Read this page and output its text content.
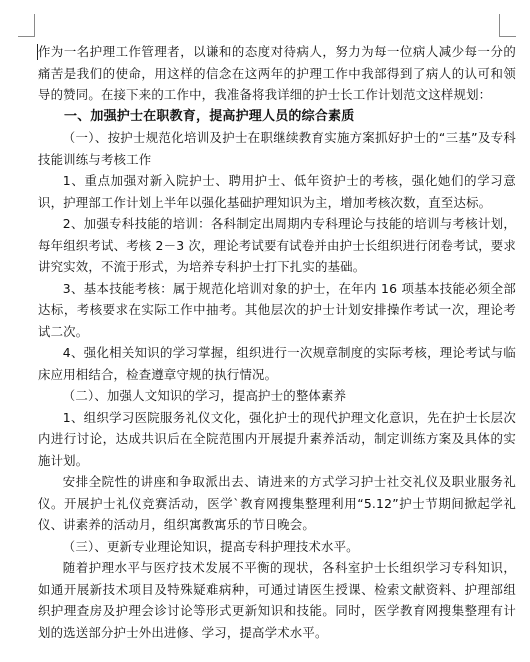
作为一名护理工作管理者，以谦和的态度对待病人，努力为每一位病人减少每一分的痛苦是我们的使命，用这样的信念在这两年的护理工作中我部得到了病人的认可和领导的赞同。在接下来的工作中，我准备将我详细的护士长工作计划范文这样规划：

一、加强护士在职教育，提高护理人员的综合素质

（一）、按护士规范化培训及护士在职继续教育实施方案抓好护士的“三基”及专科技能训练与考核工作

1、重点加强对新入院护士、聘用护士、低年资护士的考核，强化她们的学习意识，护理部工作计划上半年以强化基础护理知识为主，增加考核次数，直至达标。

2、加强专科技能的培训：各科制定出周期内专科理论与技能的培训与考核计划，每年组织考试、考核 2－3 次，理论考试要有试卷并由护士长组织进行闭卷考试，要求讲究实效，不流于形式，为培养专科护士打下扎实的基础。

3、基本技能考核：属于规范化培训对象的护士，在年内 16 项基本技能必须全部达标，考核要求在实际工作中抽考。其他层次的护士计划安排操作考试一次，理论考试二次。

4、强化相关知识的学习掌握，组织进行一次规章制度的实际考核，理论考试与临床应用相结合，检查遵章守规的执行情况。

（二）、加强人文知识的学习，提高护士的整体素养

1、组织学习医院服务礼仪文化，强化护士的现代护理文化意识，先在护士长层次内进行讨论，达成共识后在全院范围内开展提升素养活动，制定训练方案及具体的实施计划。

安排全院性的讲座和争取派出去、请进来的方式学习护士社交礼仪及职业服务礼仪。开展护士礼仪竞赛活动，医学`教育网搜集整理利用“5.12”护士节期间掀起学礼仪、讲素养的活动月，组织寓教寓乐的节日晚会。

（三）、更新专业理论知识，提高专科护理技术水平。

随着护理水平与医疗技术发展不平衡的现状，各科室护士长组织学习专科知识，如通开展新技术项目及特殊疑难病种，可通过请医生授课、检索文献资料、护理部组织护理查房及护理会诊讨论等形式更新知识和技能。同时，医学教育网搜集整理有计划的选送部分护士外出进修、学习，提高学术水平。
